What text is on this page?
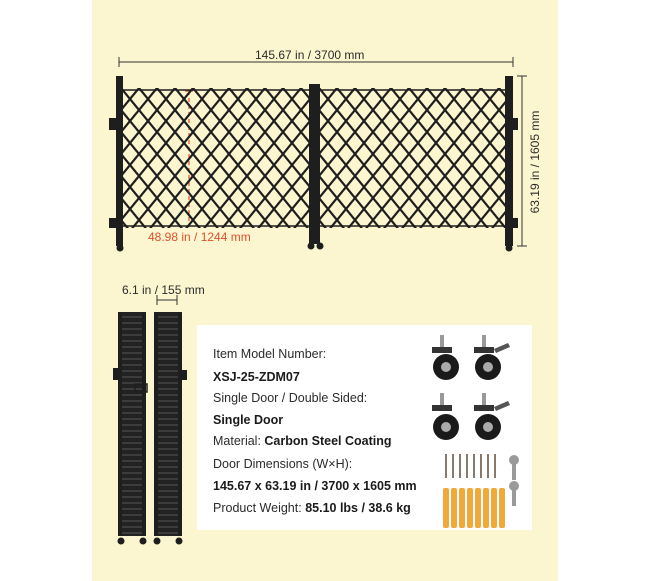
145.67 in / 3700 mm
63.19 in / 1605 mm
48.98 in / 1244 mm
6.1 in / 155 mm
Item Model Number:
XSJ-25-ZDM07
Single Door / Double Sided:
Single Door
Material: Carbon Steel Coating
Door Dimensions (W×H):
145.67 x 63.19 in / 3700 x 1605 mm
Product Weight: 85.10 lbs / 38.6 kg
